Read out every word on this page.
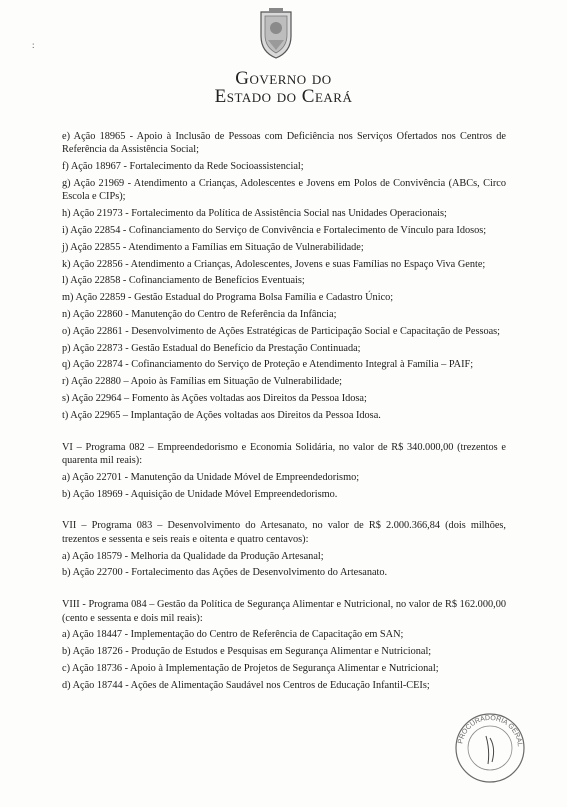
Governo do
Estado do Ceará
e) Ação 18965 - Apoio à Inclusão de Pessoas com Deficiência nos Serviços Ofertados nos Centros de Referência da Assistência Social;
f) Ação 18967 - Fortalecimento da Rede Socioassistencial;
g) Ação 21969 - Atendimento a Crianças, Adolescentes e Jovens em Polos de Convivência (ABCs, Circo Escola e CIPs);
h) Ação 21973 - Fortalecimento da Política de Assistência Social nas Unidades Operacionais;
i) Ação 22854 - Cofinanciamento do Serviço de Convivência e Fortalecimento de Vínculo para Idosos;
j) Ação 22855 - Atendimento a Famílias em Situação de Vulnerabilidade;
k) Ação 22856 - Atendimento a Crianças, Adolescentes, Jovens e suas Famílias no Espaço Viva Gente;
l) Ação 22858 - Cofinanciamento de Benefícios Eventuais;
m) Ação 22859 - Gestão Estadual do Programa Bolsa Família e Cadastro Único;
n) Ação 22860 - Manutenção do Centro de Referência da Infância;
o) Ação 22861 - Desenvolvimento de Ações Estratégicas de Participação Social e Capacitação de Pessoas;
p) Ação 22873 - Gestão Estadual do Benefício da Prestação Continuada;
q) Ação 22874 - Cofinanciamento do Serviço de Proteção e Atendimento Integral à Família – PAIF;
r) Ação 22880 – Apoio às Famílias em Situação de Vulnerabilidade;
s) Ação 22964 – Fomento às Ações voltadas aos Direitos da Pessoa Idosa;
t) Ação 22965 – Implantação de Ações voltadas aos Direitos da Pessoa Idosa.
VI – Programa 082 – Empreendedorismo e Economia Solidária, no valor de R$ 340.000,00 (trezentos e quarenta mil reais):
a) Ação 22701 - Manutenção da Unidade Móvel de Empreendedorismo;
b) Ação 18969 - Aquisição de Unidade Móvel Empreendedorismo.
VII – Programa 083 – Desenvolvimento do Artesanato, no valor de R$ 2.000.366,84 (dois milhões, trezentos e sessenta e seis reais e oitenta e quatro centavos):
a) Ação 18579 - Melhoria da Qualidade da Produção Artesanal;
b) Ação 22700 - Fortalecimento das Ações de Desenvolvimento do Artesanato.
VIII - Programa 084 – Gestão da Política de Segurança Alimentar e Nutricional, no valor de R$ 162.000,00 (cento e sessenta e dois mil reais):
a) Ação 18447 - Implementação do Centro de Referência de Capacitação em SAN;
b) Ação 18726 - Produção de Estudos e Pesquisas em Segurança Alimentar e Nutricional;
c) Ação 18736 - Apoio à Implementação de Projetos de Segurança Alimentar e Nutricional;
d) Ação 18744 - Ações de Alimentação Saudável nos Centros de Educação Infantil-CEIs;
PROCURADORIA GERAL
:
